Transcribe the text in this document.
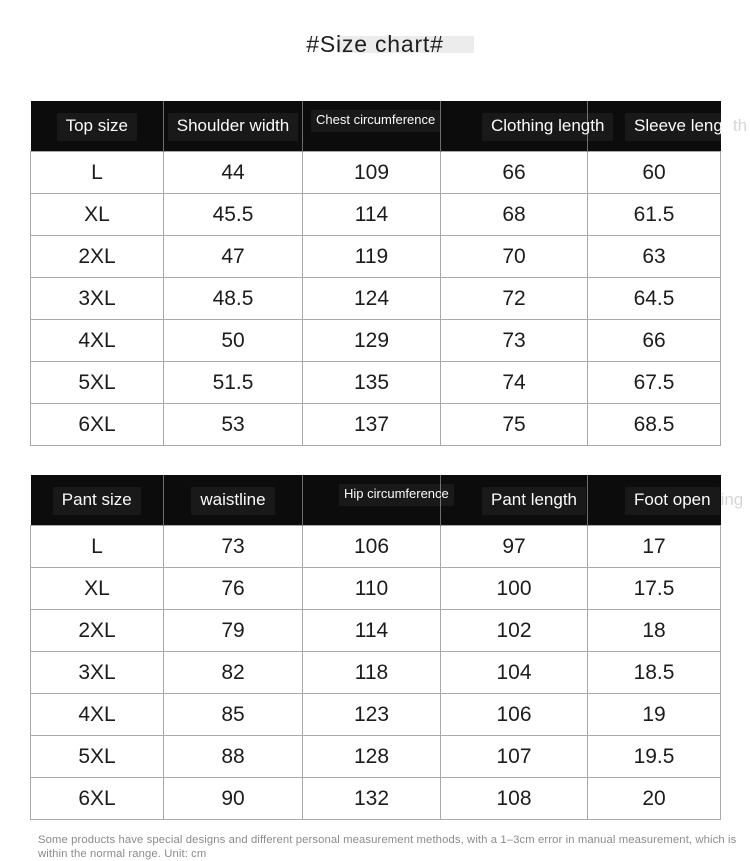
#Size chart#
Top size	Shoulder width	Chest circumference	Clothing length	Sleeve leng th
L	44	109	66	60
XL	45.5	114	68	61.5
2XL	47	119	70	63
3XL	48.5	124	72	64.5
4XL	50	129	73	66
5XL	51.5	135	74	67.5
6XL	53	137	75	68.5
Pant size	waistline	Hip circumference	Pant length	Foot open ing
L	73	106	97	17
XL	76	110	100	17.5
2XL	79	114	102	18
3XL	82	118	104	18.5
4XL	85	123	106	19
5XL	88	128	107	19.5
6XL	90	132	108	20
Some products have special designs and different personal measurement methods, with a 1–3cm error in manual measurement, which is
within the normal range. Unit: cm
